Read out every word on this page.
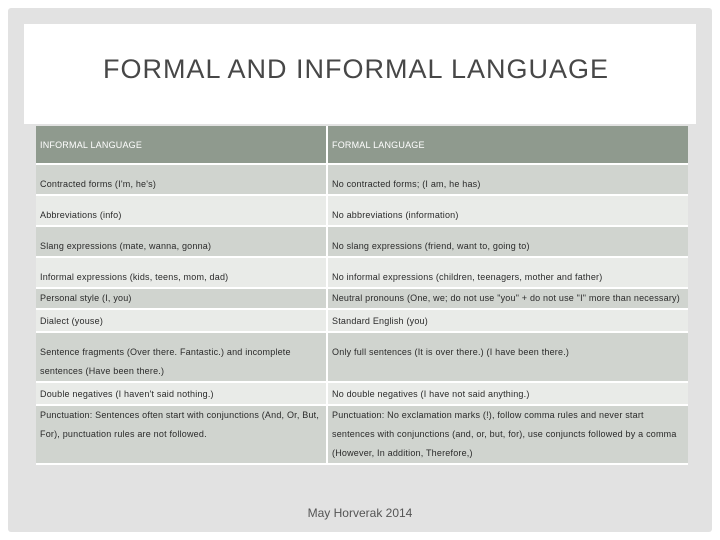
FORMAL AND INFORMAL LANGUAGE
INFORMAL LANGUAGE	FORMAL LANGUAGE
Contracted forms (I'm, he's)	No contracted forms; (I am, he has)
Abbreviations (info)	No abbreviations (information)
Slang expressions (mate, wanna, gonna)	No slang expressions (friend, want to, going to)
Informal expressions (kids, teens, mom, dad)	No informal expressions (children, teenagers, mother and father)
Personal style (I, you)	Neutral pronouns (One, we; do not use "you" + do not use "I" more than necessary)
Dialect (youse)	Standard English (you)
Sentence fragments (Over there. Fantastic.) and incomplete sentences (Have been there.)	Only full sentences (It is over there.) (I have been there.)
Double negatives (I haven't said nothing.)	No double negatives (I have not said anything.)
Punctuation: Sentences often start with conjunctions (And, Or, But, For), punctuation rules are not followed.	Punctuation: No exclamation marks (!), follow comma rules and never start sentences with conjunctions (and, or, but, for), use conjuncts followed by a comma (However, In addition, Therefore,)
May Horverak 2014
